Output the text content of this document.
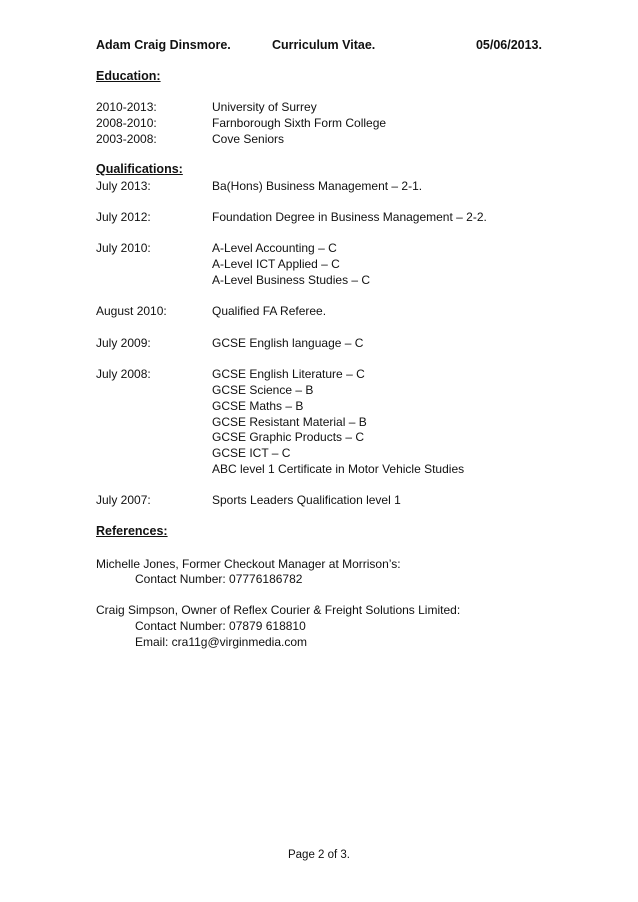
Adam Craig Dinsmore.	Curriculum Vitae.	05/06/2013.
Education:
2010-2013:	University of Surrey
2008-2010:	Farnborough Sixth Form College
2003-2008:	Cove Seniors
Qualifications:
July 2013:	Ba(Hons) Business Management – 2-1.
July 2012:	Foundation Degree in Business Management – 2-2.
July 2010:	A-Level Accounting – C
A-Level ICT Applied – C
A-Level Business Studies – C
August 2010:	Qualified FA Referee.
July 2009:	GCSE English language – C
July 2008:	GCSE English Literature – C
GCSE Science – B
GCSE Maths – B
GCSE Resistant Material – B
GCSE Graphic Products – C
GCSE ICT – C
ABC level 1 Certificate in Motor Vehicle Studies
July 2007:	Sports Leaders Qualification level 1
References:
Michelle Jones, Former Checkout Manager at Morrison’s:
Contact Number: 07776186782
Craig Simpson, Owner of Reflex Courier & Freight Solutions Limited:
Contact Number: 07879 618810
Email: cra11g@virginmedia.com
Page 2 of 3.
